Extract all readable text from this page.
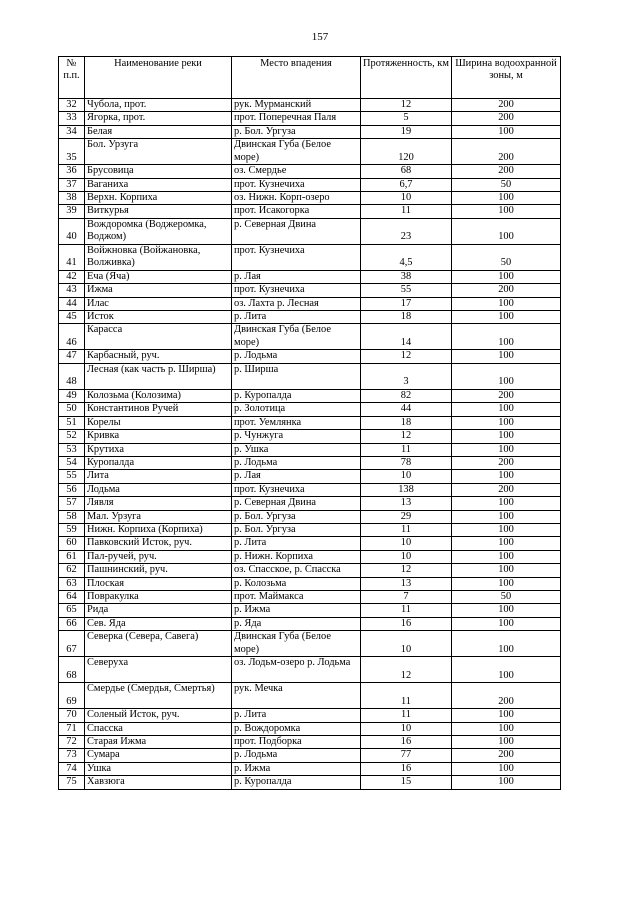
157
№ п.п.	Наименование реки	Место впадения	Протяженность, км	Ширина водоохранной зоны, м
32	Чубола, прот.	рук. Мурманский	12	200
33	Ягорка, прот.	прот. Поперечная Паля	5	200
34	Белая	р. Бол. Ургуза	19	100
35	Бол. Урзуга	Двинская Губа (Белое море)	120	200
36	Брусовица	оз. Смердье	68	200
37	Ваганиха	прот. Кузнечиха	6,7	50
38	Верхн. Корпиха	оз. Нижн. Корп-озеро	10	100
39	Виткурья	прот. Исакогорка	11	100
40	Вождоромка (Воджеромка, Воджом)	р. Северная Двина	23	100
41	Войжновка (Войжановка, Волживка)	прот. Кузнечиха	4,5	50
42	Еча (Яча)	р. Лая	38	100
43	Ижма	прот. Кузнечиха	55	200
44	Илас	оз. Лахта р. Лесная	17	100
45	Исток	р. Лита	18	100
46	Карасса	Двинская Губа (Белое море)	14	100
47	Карбасный, руч.	р. Лодьма	12	100
48	Лесная (как часть р. Ширша)	р. Ширша	3	100
49	Колозьма (Колозима)	р. Куропалда	82	200
50	Константинов Ручей	р. Золотица	44	100
51	Корелы	прот. Уемлянка	18	100
52	Кривка	р. Чунжуга	12	100
53	Крутиха	р. Ушка	11	100
54	Куропалда	р. Лодьма	78	200
55	Лита	р. Лая	10	100
56	Лодьма	прот. Кузнечиха	138	200
57	Лявля	р. Северная Двина	13	100
58	Мал. Урзуга	р. Бол. Ургуза	29	100
59	Нижн. Корпиха (Корпиха)	р. Бол. Ургуза	11	100
60	Павковский Исток, руч.	р. Лита	10	100
61	Пал-ручей, руч.	р. Нижн. Корпиха	10	100
62	Пашнинский, руч.	оз. Спасское, р. Спасска	12	100
63	Плоская	р. Колозьма	13	100
64	Повракулка	прот. Маймакса	7	50
65	Рида	р. Ижма	11	100
66	Сев. Яда	р. Яда	16	100
67	Северка (Севера, Савега)	Двинская Губа (Белое море)	10	100
68	Северуха	оз. Лодьм-озеро р. Лодьма	12	100
69	Смердье (Смердья, Смертья)	рук. Мечка	11	200
70	Соленый Исток, руч.	р. Лита	11	100
71	Спасска	р. Вождоромка	10	100
72	Старая Ижма	прот. Подборка	16	100
73	Сумара	р. Лодьма	77	200
74	Ушка	р. Ижма	16	100
75	Хавзюга	р. Куропалда	15	100
